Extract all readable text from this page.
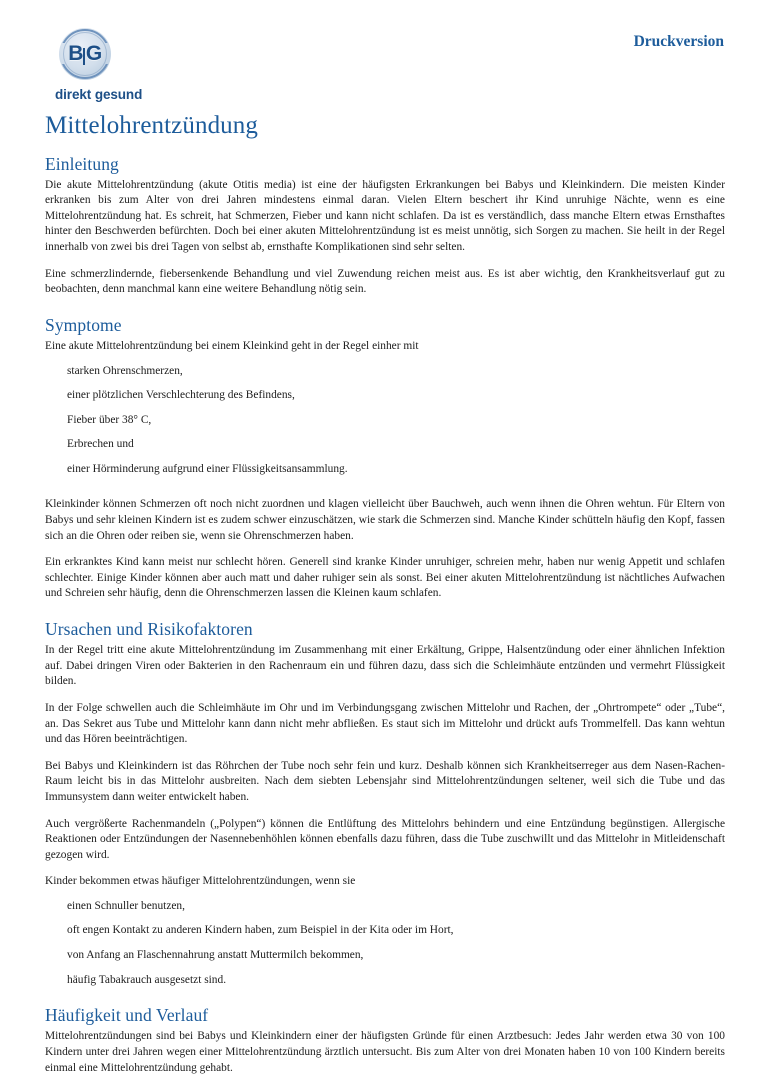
B G
direkt gesund
Druckversion
Mittelohrentzündung
Einleitung

Die akute Mittelohrentzündung (akute Otitis media) ist eine der häufigsten Erkrankungen bei Babys und Kleinkindern. Die meisten Kinder erkranken bis zum Alter von drei Jahren mindestens einmal daran. Vielen Eltern beschert ihr Kind unruhige Nächte, wenn es eine Mittelohrentzündung hat. Es schreit, hat Schmerzen, Fieber und kann nicht schlafen. Da ist es verständlich, dass manche Eltern etwas Ernsthaftes hinter den Beschwerden befürchten. Doch bei einer akuten Mittelohrentzündung ist es meist unnötig, sich Sorgen zu machen. Sie heilt in der Regel innerhalb von zwei bis drei Tagen von selbst ab, ernsthafte Komplikationen sind sehr selten.

Eine schmerzlindernde, fiebersenkende Behandlung und viel Zuwendung reichen meist aus. Es ist aber wichtig, den Krankheitsverlauf gut zu beobachten, denn manchmal kann eine weitere Behandlung nötig sein.

Symptome

Eine akute Mittelohrentzündung bei einem Kleinkind geht in der Regel einher mit

starken Ohrenschmerzen,
einer plötzlichen Verschlechterung des Befindens,
Fieber über 38° C,
Erbrechen und
einer Hörminderung aufgrund einer Flüssigkeitsansammlung.

Kleinkinder können Schmerzen oft noch nicht zuordnen und klagen vielleicht über Bauchweh, auch wenn ihnen die Ohren wehtun. Für Eltern von Babys und sehr kleinen Kindern ist es zudem schwer einzuschätzen, wie stark die Schmerzen sind. Manche Kinder schütteln häufig den Kopf, fassen sich an die Ohren oder reiben sie, wenn sie Ohrenschmerzen haben.

Ein erkranktes Kind kann meist nur schlecht hören. Generell sind kranke Kinder unruhiger, schreien mehr, haben nur wenig Appetit und schlafen schlechter. Einige Kinder können aber auch matt und daher ruhiger sein als sonst. Bei einer akuten Mittelohrentzündung ist nächtliches Aufwachen und Schreien sehr häufig, denn die Ohrenschmerzen lassen die Kleinen kaum schlafen.

Ursachen und Risikofaktoren

In der Regel tritt eine akute Mittelohrentzündung im Zusammenhang mit einer Erkältung, Grippe, Halsentzündung oder einer ähnlichen Infektion auf. Dabei dringen Viren oder Bakterien in den Rachenraum ein und führen dazu, dass sich die Schleimhäute entzünden und vermehrt Flüssigkeit bilden.

In der Folge schwellen auch die Schleimhäute im Ohr und im Verbindungsgang zwischen Mittelohr und Rachen, der „Ohrtrompete“ oder „Tube“, an. Das Sekret aus Tube und Mittelohr kann dann nicht mehr abfließen. Es staut sich im Mittelohr und drückt aufs Trommelfell. Das kann wehtun und das Hören beeinträchtigen.

Bei Babys und Kleinkindern ist das Röhrchen der Tube noch sehr fein und kurz. Deshalb können sich Krankheitserreger aus dem Nasen-Rachen-Raum leicht bis in das Mittelohr ausbreiten. Nach dem siebten Lebensjahr sind Mittelohrentzündungen seltener, weil sich die Tube und das Immunsystem dann weiter entwickelt haben.

Auch vergrößerte Rachenmandeln („Polypen“) können die Entlüftung des Mittelohrs behindern und eine Entzündung begünstigen. Allergische Reaktionen oder Entzündungen der Nasennebenhöhlen können ebenfalls dazu führen, dass die Tube zuschwillt und das Mittelohr in Mitleidenschaft gezogen wird.

Kinder bekommen etwas häufiger Mittelohrentzündungen, wenn sie

einen Schnuller benutzen,
oft engen Kontakt zu anderen Kindern haben, zum Beispiel in der Kita oder im Hort,
von Anfang an Flaschennahrung anstatt Muttermilch bekommen,
häufig Tabakrauch ausgesetzt sind.
Häufigkeit und Verlauf

Mittelohrentzündungen sind bei Babys und Kleinkindern einer der häufigsten Gründe für einen Arztbesuch: Jedes Jahr werden etwa 30 von 100 Kindern unter drei Jahren wegen einer Mittelohrentzündung ärztlich untersucht. Bis zum Alter von drei Monaten haben 10 von 100 Kindern bereits einmal eine Mittelohrentzündung gehabt.
